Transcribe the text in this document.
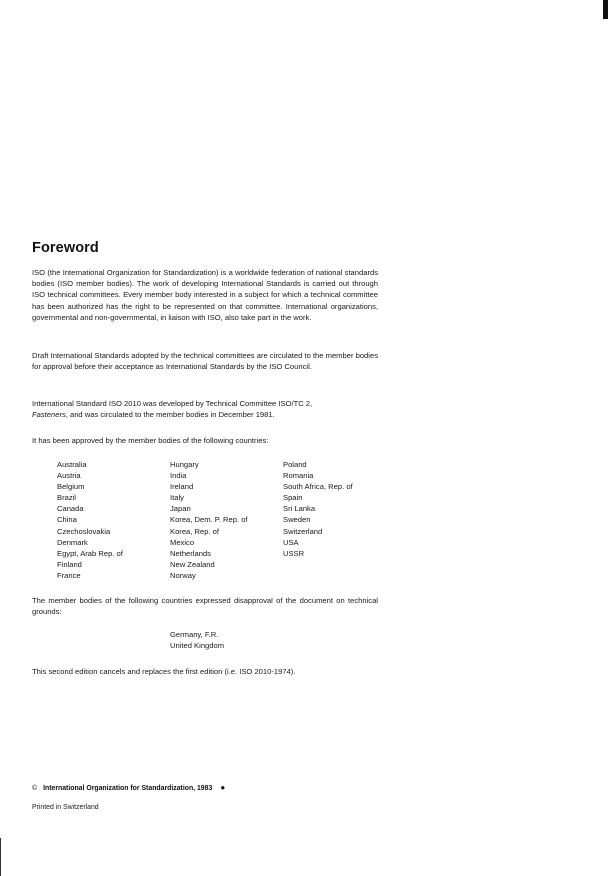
Foreword

ISO (the International Organization for Standardization) is a worldwide federation of national standards bodies (ISO member bodies). The work of developing International Standards is carried out through ISO technical committees. Every member body interested in a subject for which a technical committee has been authorized has the right to be represented on that committee. International organizations, governmental and non-governmental, in liaison with ISO, also take part in the work.

Draft International Standards adopted by the technical committees are circulated to the member bodies for approval before their acceptance as International Standards by the ISO Council.

International Standard ISO 2010 was developed by Technical Committee ISO/TC 2,
Fasteners, and was circulated to the member bodies in December 1981.

It has been approved by the member bodies of the following countries:

Australia
Austria
Belgium
Brazil
Canada
China
Czechoslovakia
Denmark
Egypt, Arab Rep. of
Finland
France
Hungary
India
Ireland
Italy
Japan
Korea, Dem. P. Rep. of
Korea, Rep. of
Mexico
Netherlands
New Zealand
Norway
Poland
Romania
South Africa, Rep. of
Spain
Sri Lanka
Sweden
Switzerland
USA
USSR

The member bodies of the following countries expressed disapproval of the document on technical grounds:

Germany, F.R.
United Kingdom

This second edition cancels and replaces the first edition (i.e. ISO 2010-1974).

© International Organization for Standardization, 1983 ●
Printed in Switzerland
